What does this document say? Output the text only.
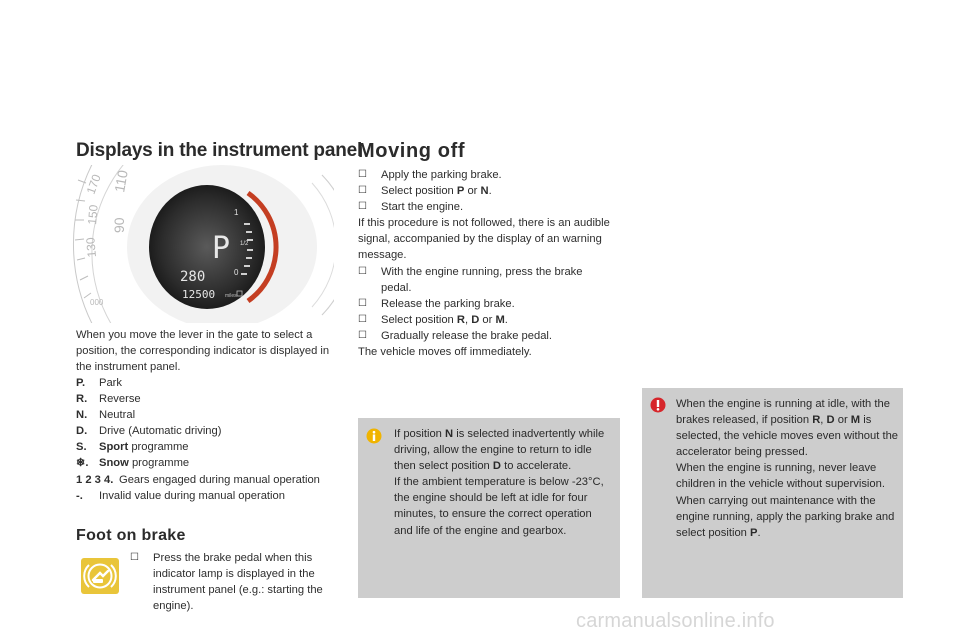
Displays in the instrument panel
170
150
130
110
90
000
1
1/2
0
P
280
12500 miles
When you move the lever in the gate to select a position, the corresponding indicator is displayed in the instrument panel.
P.	Park
R.	Reverse
N.	Neutral
D.	Drive (Automatic driving)
S.	Sport programme
❄. Snow programme
1 2 3 4. Gears engaged during manual operation
-.	Invalid value during manual operation
Foot on brake
☐	Press the brake pedal when this indicator lamp is displayed in the instrument panel (e.g.: starting the engine).
Moving off
☐	Apply the parking brake.
☐	Select position P or N.
☐	Start the engine.
If this procedure is not followed, there is an audible signal, accompanied by the display of an warning message.
☐	With the engine running, press the brake pedal.
☐	Release the parking brake.
☐	Select position R, D or M.
☐	Gradually release the brake pedal.
The vehicle moves off immediately.
If position N is selected inadvertently while driving, allow the engine to return to idle then select position D to accelerate.
If the ambient temperature is below -23°C, the engine should be left at idle for four minutes, to ensure the correct operation and life of the engine and gearbox.
When the engine is running at idle, with the brakes released, if position R, D or M is selected, the vehicle moves even without the accelerator being pressed.
When the engine is running, never leave children in the vehicle without supervision.
When carrying out maintenance with the engine running, apply the parking brake and select position P.
carmanualsonline.info
